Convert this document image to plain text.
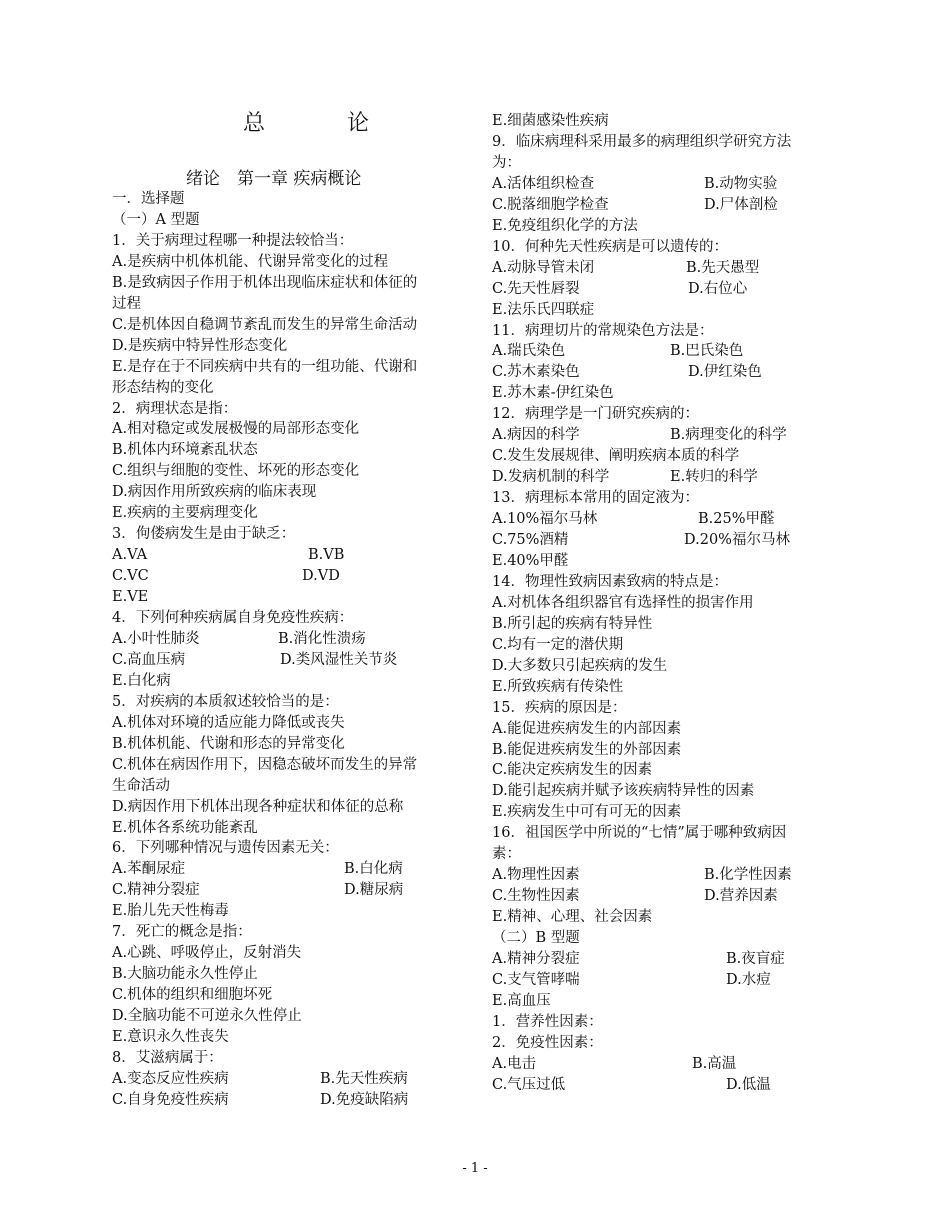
总　论
绪论　第一章 疾病概论
一．选择题
（一）A 型题
1．关于病理过程哪一种提法较恰当：
A.是疾病中机体机能、代谢异常变化的过程
B.是致病因子作用于机体出现临床症状和体征的
过程
C.是机体因自稳调节紊乱而发生的异常生命活动
D.是疾病中特异性形态变化
E.是存在于不同疾病中共有的一组功能、代谢和
形态结构的变化
2．病理状态是指：
A.相对稳定或发展极慢的局部形态变化
B.机体内环境紊乱状态
C.组织与细胞的变性、坏死的形态变化
D.病因作用所致疾病的临床表现
E.疾病的主要病理变化
3．佝偻病发生是由于缺乏：
A.VA	B.VB
C.VC	D.VD
E.VE
4．下列何种疾病属自身免疫性疾病：
A.小叶性肺炎	B.消化性溃疡
C.高血压病	D.类风湿性关节炎
E.白化病
5．对疾病的本质叙述较恰当的是：
A.机体对环境的适应能力降低或丧失
B.机体机能、代谢和形态的异常变化
C.机体在病因作用下，因稳态破坏而发生的异常
生命活动
D.病因作用下机体出现各种症状和体征的总称
E.机体各系统功能紊乱
6．下列哪种情况与遗传因素无关：
A.苯酮尿症	B.白化病
C.精神分裂症	D.糖尿病
E.胎儿先天性梅毒
7．死亡的概念是指：
A.心跳、呼吸停止，反射消失
B.大脑功能永久性停止
C.机体的组织和细胞坏死
D.全脑功能不可逆永久性停止
E.意识永久性丧失
8．艾滋病属于：
A.变态反应性疾病	B.先天性疾病
C.自身免疫性疾病	D.免疫缺陷病
E.细菌感染性疾病
9．临床病理科采用最多的病理组织学研究方法
为：
A.活体组织检查	B.动物实验
C.脱落细胞学检查	D.尸体剖检
E.免疫组织化学的方法
10．何种先天性疾病是可以遗传的：
A.动脉导管未闭	B.先天愚型
C.先天性唇裂	D.右位心
E.法乐氏四联症
11．病理切片的常规染色方法是：
A.瑞氏染色	B.巴氏染色
C.苏木素染色	D.伊红染色
E.苏木素-伊红染色
12．病理学是一门研究疾病的：
A.病因的科学	B.病理变化的科学
C.发生发展规律、阐明疾病本质的科学
D.发病机制的科学	E.转归的科学
13．病理标本常用的固定液为：
A.10%福尔马林	B.25%甲醛
C.75%酒精	D.20%福尔马林
E.40%甲醛
14．物理性致病因素致病的特点是：
A.对机体各组织器官有选择性的损害作用
B.所引起的疾病有特异性
C.均有一定的潜伏期
D.大多数只引起疾病的发生
E.所致疾病有传染性
15．疾病的原因是：
A.能促进疾病发生的内部因素
B.能促进疾病发生的外部因素
C.能决定疾病发生的因素
D.能引起疾病并赋予该疾病特异性的因素
E.疾病发生中可有可无的因素
16．祖国医学中所说的“七情”属于哪种致病因
素：
A.物理性因素	B.化学性因素
C.生物性因素	D.营养因素
E.精神、心理、社会因素
（二）B 型题
A.精神分裂症	B.夜盲症
C.支气管哮喘	D.水痘
E.高血压
1．营养性因素：
2．免疫性因素：
A.电击	B.高温
C.气压过低	D.低温
- 1 -
